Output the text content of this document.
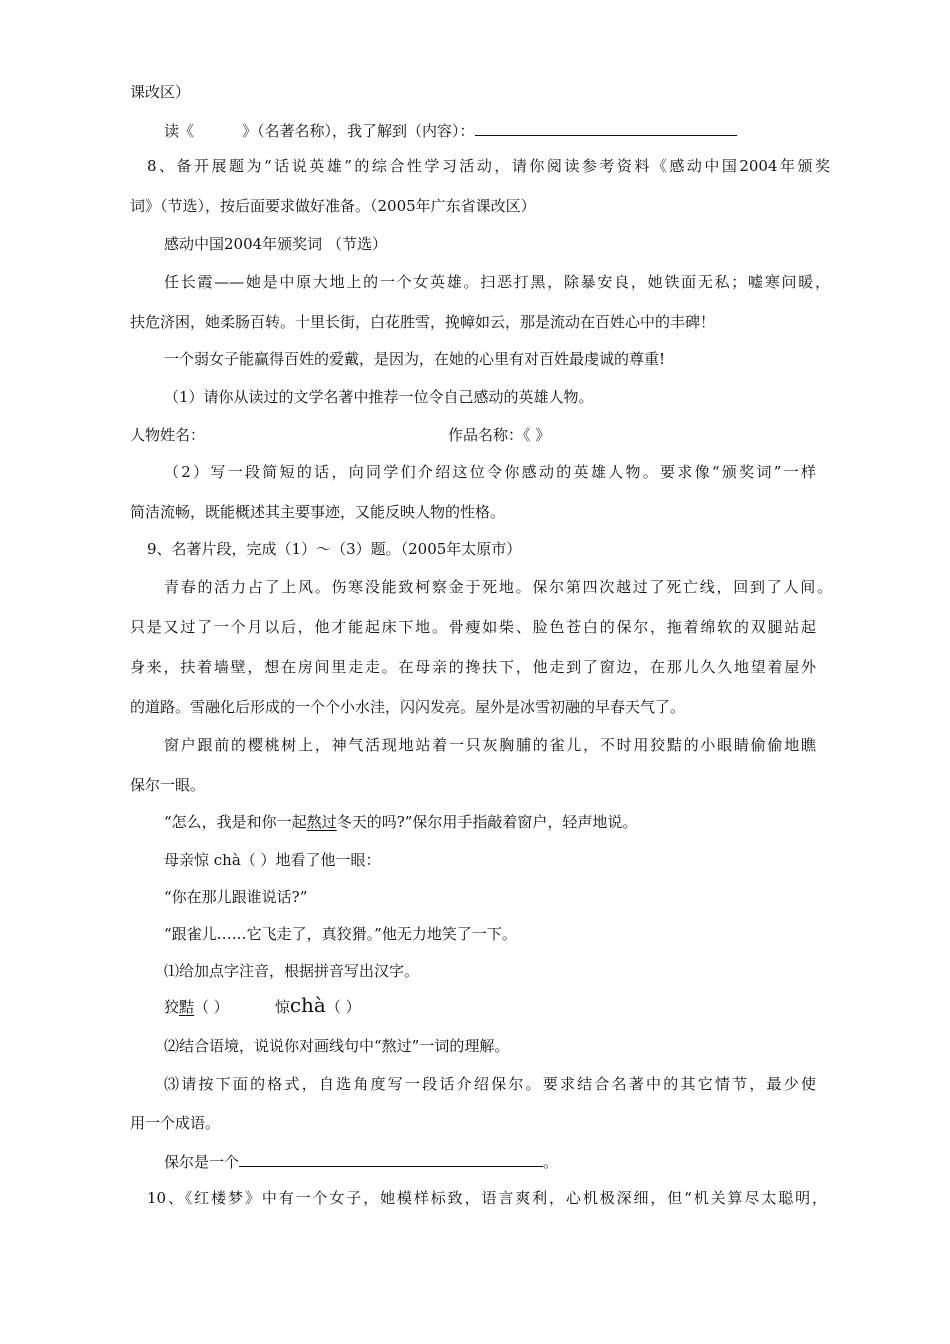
课改区）
读《	》（名著名称），我了解到（内容）：
8、备开展题为“话说英雄”的综合性学习活动，请你阅读参考资料《感动中国2004年颁奖
词》（节选），按后面要求做好准备。（2005年广东省课改区）
感动中国2004年颁奖词 （节选）
任长霞——她是中原大地上的一个女英雄。扫恶打黑，除暴安良，她铁面无私；嘘寒问暖，
扶危济困，她柔肠百转。十里长街，白花胜雪，挽幛如云，那是流动在百姓心中的丰碑！
一个弱女子能赢得百姓的爱戴，是因为，在她的心里有对百姓最虔诚的尊重!
（1）请你从读过的文学名著中推荐一位令自己感动的英雄人物。
人物姓名：	作品名称：《 》
（2）写一段简短的话，向同学们介绍这位令你感动的英雄人物。要求像“颁奖词”一样
简洁流畅，既能概述其主要事迹，又能反映人物的性格。
9、名著片段，完成（1）～（3）题。（2005年太原市）
青春的活力占了上风。伤寒没能致柯察金于死地。保尔第四次越过了死亡线，回到了人间。
只是又过了一个月以后，他才能起床下地。骨瘦如柴、脸色苍白的保尔，拖着绵软的双腿站起
身来，扶着墙壁，想在房间里走走。在母亲的搀扶下，他走到了窗边，在那儿久久地望着屋外
的道路。雪融化后形成的一个个小水洼，闪闪发亮。屋外是冰雪初融的早春天气了。
窗户跟前的樱桃树上，神气活现地站着一只灰胸脯的雀儿，不时用狡黠的小眼睛偷偷地瞧
保尔一眼。
“怎么，我是和你一起熬过冬天的吗?”保尔用手指敲着窗户，轻声地说。
母亲惊 chà（ ）地看了他一眼：
“你在那儿跟谁说话?”
“跟雀儿……它飞走了，真狡猾。”他无力地笑了一下。
⑴给加点字注音，根据拼音写出汉字。
狡黠（ ）	惊chà（ ）
⑵结合语境，说说你对画线句中“熬过”一词的理解。
⑶请按下面的格式，自选角度写一段话介绍保尔。要求结合名著中的其它情节，最少使
用一个成语。
保尔是一个	。
10、《红楼梦》中有一个女子，她模样标致，语言爽利，心机极深细，但“机关算尽太聪明，
